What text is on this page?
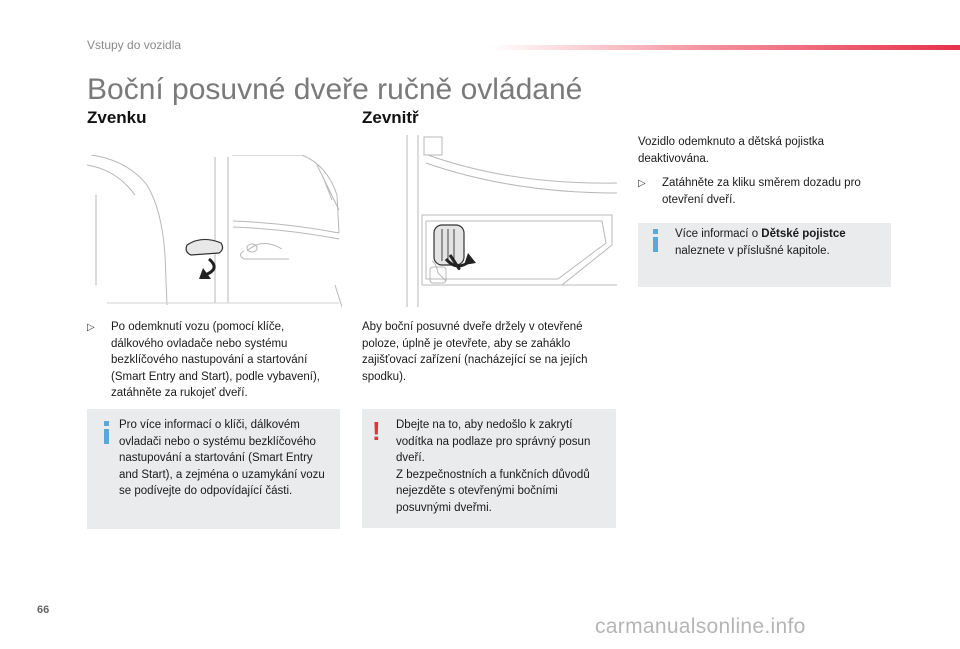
Vstupy do vozidla
Boční posuvné dveře ručně ovládané
Zvenku
▷	Po odemknutí vozu (pomocí klíče,
dálkového ovladače nebo systému
bezklíčového nastupování a startování
(Smart Entry and Start), podle vybavení),
zatáhněte za rukojeť dveří.
Pro více informací o klíči, dálkovém
ovladači nebo o systému bezklíčového
nastupování a startování (Smart Entry
and Start), a zejména o uzamykání vozu
se podívejte do odpovídající části.
Zevnitř
Aby boční posuvné dveře držely v otevřené
poloze, úplně je otevřete, aby se zaháklo
zajišťovací zařízení (nacházející se na jejích
spodku).
! Dbejte na to, aby nedošlo k zakrytí
vodítka na podlaze pro správný posun
dveří.
Z bezpečnostních a funkčních důvodů
nejezděte s otevřenými bočními
posuvnými dveřmi.
Vozidlo odemknuto a dětská pojistka
deaktivována.
▷	Zatáhněte za kliku směrem dozadu pro
otevření dveří.
Více informací o Dětské pojistce
naleznete v příslušné kapitole.
66
carmanualsonline.info
